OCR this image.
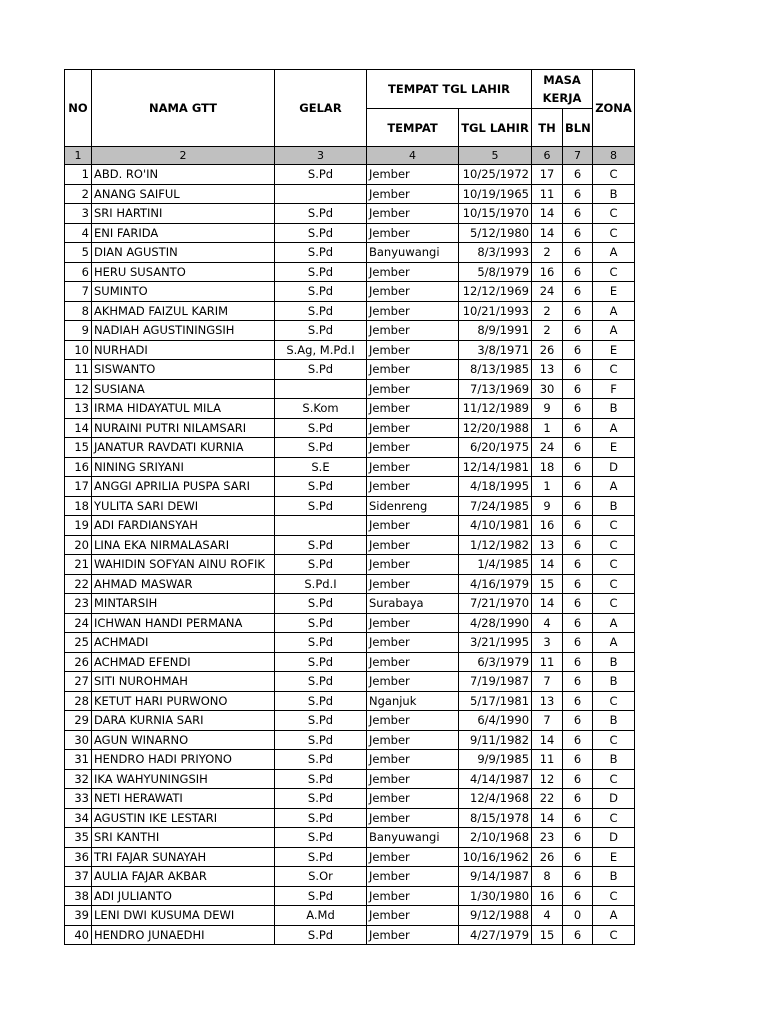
NO	NAMA GTT	GELAR	TEMPAT TGL LAHIR		MASA
KERJA		ZONA
			TEMPAT	TGL LAHIR	TH	BLN	
1	2	3	4	5	6	7	8
1	ABD. RO'IN	S.Pd	Jember	10/25/1972	17	6	C
2	ANANG SAIFUL		Jember	10/19/1965	11	6	B
3	SRI HARTINI	S.Pd	Jember	10/15/1970	14	6	C
4	ENI FARIDA	S.Pd	Jember	5/12/1980	14	6	C
5	DIAN AGUSTIN	S.Pd	Banyuwangi	8/3/1993	2	6	A
6	HERU SUSANTO	S.Pd	Jember	5/8/1979	16	6	C
7	SUMINTO	S.Pd	Jember	12/12/1969	24	6	E
8	AKHMAD FAIZUL KARIM	S.Pd	Jember	10/21/1993	2	6	A
9	NADIAH AGUSTININGSIH	S.Pd	Jember	8/9/1991	2	6	A
10	NURHADI	S.Ag, M.Pd.I	Jember	3/8/1971	26	6	E
11	SISWANTO	S.Pd	Jember	8/13/1985	13	6	C
12	SUSIANA		Jember	7/13/1969	30	6	F
13	IRMA HIDAYATUL MILA	S.Kom	Jember	11/12/1989	9	6	B
14	NURAINI PUTRI NILAMSARI	S.Pd	Jember	12/20/1988	1	6	A
15	JANATUR RAVDATI KURNIA	S.Pd	Jember	6/20/1975	24	6	E
16	NINING SRIYANI	S.E	Jember	12/14/1981	18	6	D
17	ANGGI APRILIA PUSPA SARI	S.Pd	Jember	4/18/1995	1	6	A
18	YULITA SARI DEWI	S.Pd	Sidenreng	7/24/1985	9	6	B
19	ADI FARDIANSYAH		Jember	4/10/1981	16	6	C
20	LINA EKA NIRMALASARI	S.Pd	Jember	1/12/1982	13	6	C
21	WAHIDIN SOFYAN AINU ROFIK	S.Pd	Jember	1/4/1985	14	6	C
22	AHMAD MASWAR	S.Pd.I	Jember	4/16/1979	15	6	C
23	MINTARSIH	S.Pd	Surabaya	7/21/1970	14	6	C
24	ICHWAN HANDI PERMANA	S.Pd	Jember	4/28/1990	4	6	A
25	ACHMADI	S.Pd	Jember	3/21/1995	3	6	A
26	ACHMAD EFENDI	S.Pd	Jember	6/3/1979	11	6	B
27	SITI NUROHMAH	S.Pd	Jember	7/19/1987	7	6	B
28	KETUT HARI PURWONO	S.Pd	Nganjuk	5/17/1981	13	6	C
29	DARA KURNIA SARI	S.Pd	Jember	6/4/1990	7	6	B
30	AGUN WINARNO	S.Pd	Jember	9/11/1982	14	6	C
31	HENDRO HADI PRIYONO	S.Pd	Jember	9/9/1985	11	6	B
32	IKA WAHYUNINGSIH	S.Pd	Jember	4/14/1987	12	6	C
33	NETI HERAWATI	S.Pd	Jember	12/4/1968	22	6	D
34	AGUSTIN IKE LESTARI	S.Pd	Jember	8/15/1978	14	6	C
35	SRI KANTHI	S.Pd	Banyuwangi	2/10/1968	23	6	D
36	TRI FAJAR SUNAYAH	S.Pd	Jember	10/16/1962	26	6	E
37	AULIA FAJAR AKBAR	S.Or	Jember	9/14/1987	8	6	B
38	ADI JULIANTO	S.Pd	Jember	1/30/1980	16	6	C
39	LENI DWI KUSUMA DEWI	A.Md	Jember	9/12/1988	4	0	A
40	HENDRO JUNAEDHI	S.Pd	Jember	4/27/1979	15	6	C
